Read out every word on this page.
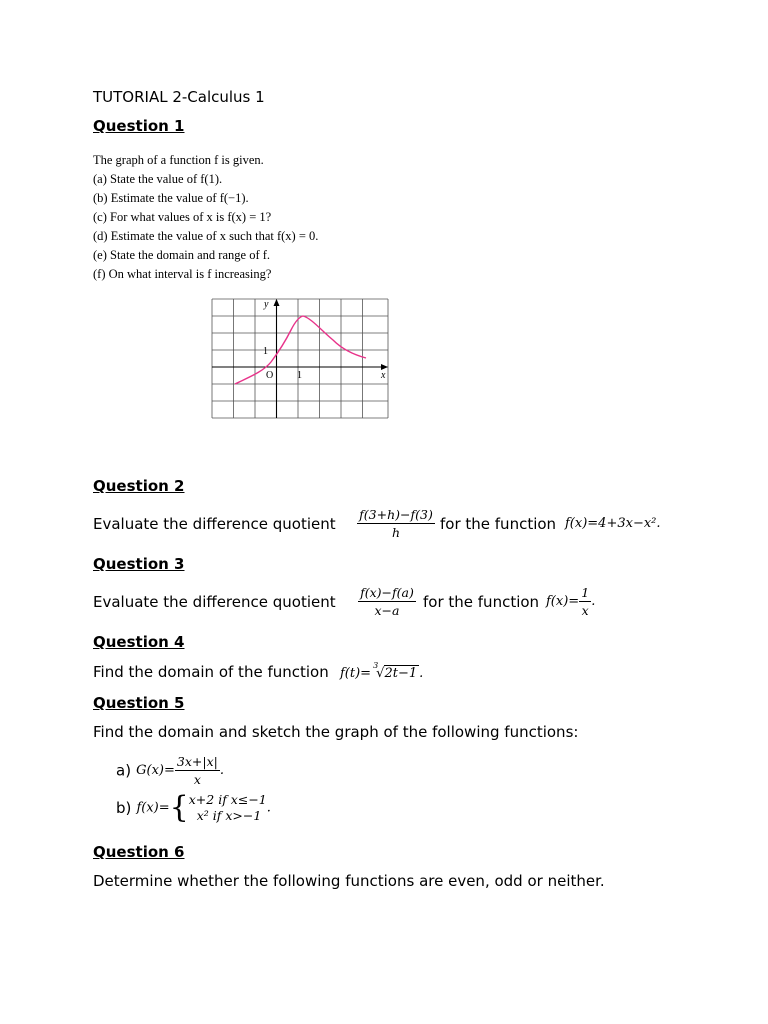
TUTORIAL 2-Calculus 1
Question 1
The graph of a function f is given.
(a) State the value of f(1).
(b) Estimate the value of f(−1).
(c) For what values of x is f(x) = 1?
(d) Estimate the value of x such that f(x) = 0.
(e) State the domain and range of f.
(f) On what interval is f increasing?
y
x
O 1
1
Question 2
Evaluate the difference quotient $\frac{f(3+h)-f(3)}{h}$ for the function f(x)=4+3x−x².
Question 3
Evaluate the difference quotient $\frac{f(x)-f(a)}{x-a}$ for the function $f(x)= \frac{1}{x}$ .
Question 4
Find the domain of the function f(t)=$^3$√2t−1 .
Question 5
Find the domain and sketch the graph of the following functions:
a) $G(x)= \frac{3x+|x|}{x}$ .
b) f(x)={ x+2 if x≤−1
x² if x>−1 .
Question 6
Determine whether the following functions are even, odd or neither.
